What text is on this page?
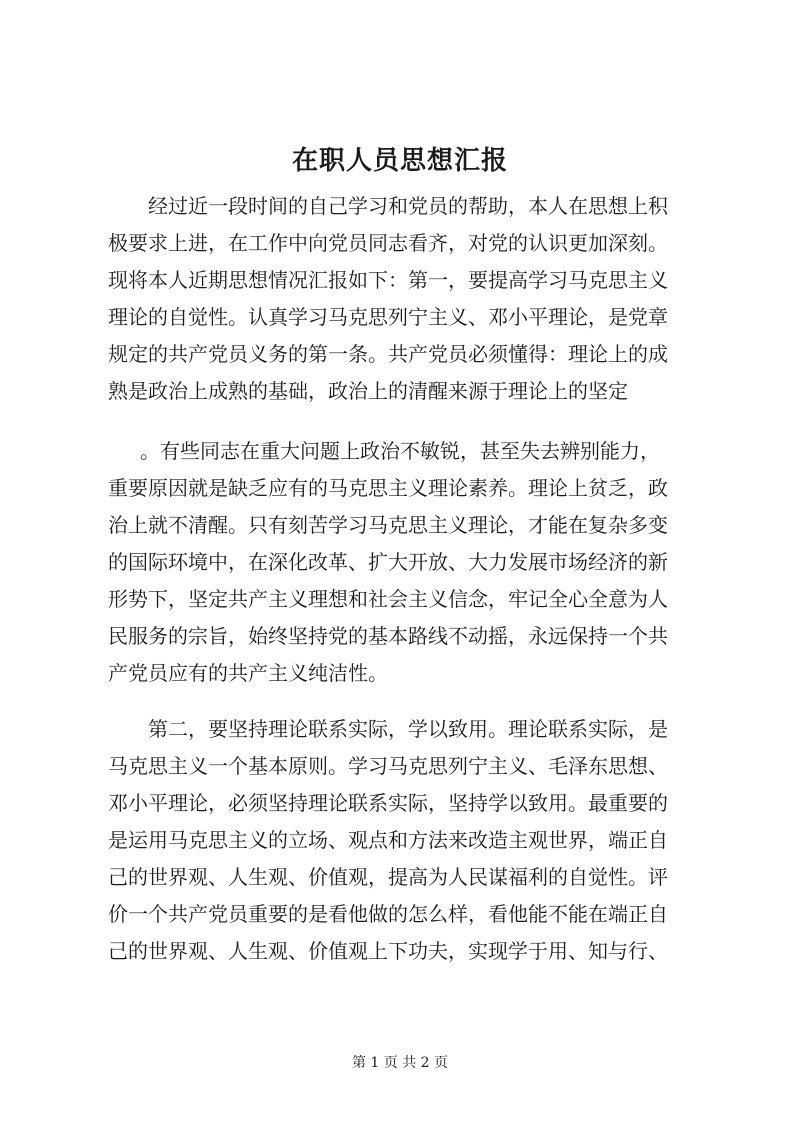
在职人员思想汇报
经过近一段时间的自己学习和党员的帮助，本人在思想上积
极要求上进，在工作中向党员同志看齐，对党的认识更加深刻。
现将本人近期思想情况汇报如下：第一，要提高学习马克思主义
理论的自觉性。认真学习马克思列宁主义、邓小平理论，是党章
规定的共产党员义务的第一条。共产党员必须懂得：理论上的成
熟是政治上成熟的基础，政治上的清醒来源于理论上的坚定
。有些同志在重大问题上政治不敏锐，甚至失去辨别能力，
重要原因就是缺乏应有的马克思主义理论素养。理论上贫乏，政
治上就不清醒。只有刻苦学习马克思主义理论，才能在复杂多变
的国际环境中，在深化改革、扩大开放、大力发展市场经济的新
形势下，坚定共产主义理想和社会主义信念，牢记全心全意为人
民服务的宗旨，始终坚持党的基本路线不动摇，永远保持一个共
产党员应有的共产主义纯洁性。
第二，要坚持理论联系实际，学以致用。理论联系实际，是
马克思主义一个基本原则。学习马克思列宁主义、毛泽东思想、
邓小平理论，必须坚持理论联系实际，坚持学以致用。最重要的
是运用马克思主义的立场、观点和方法来改造主观世界，端正自
己的世界观、人生观、价值观，提高为人民谋福利的自觉性。评
价一个共产党员重要的是看他做的怎么样，看他能不能在端正自
己的世界观、人生观、价值观上下功夫，实现学于用、知与行、
第 1 页 共 2 页
